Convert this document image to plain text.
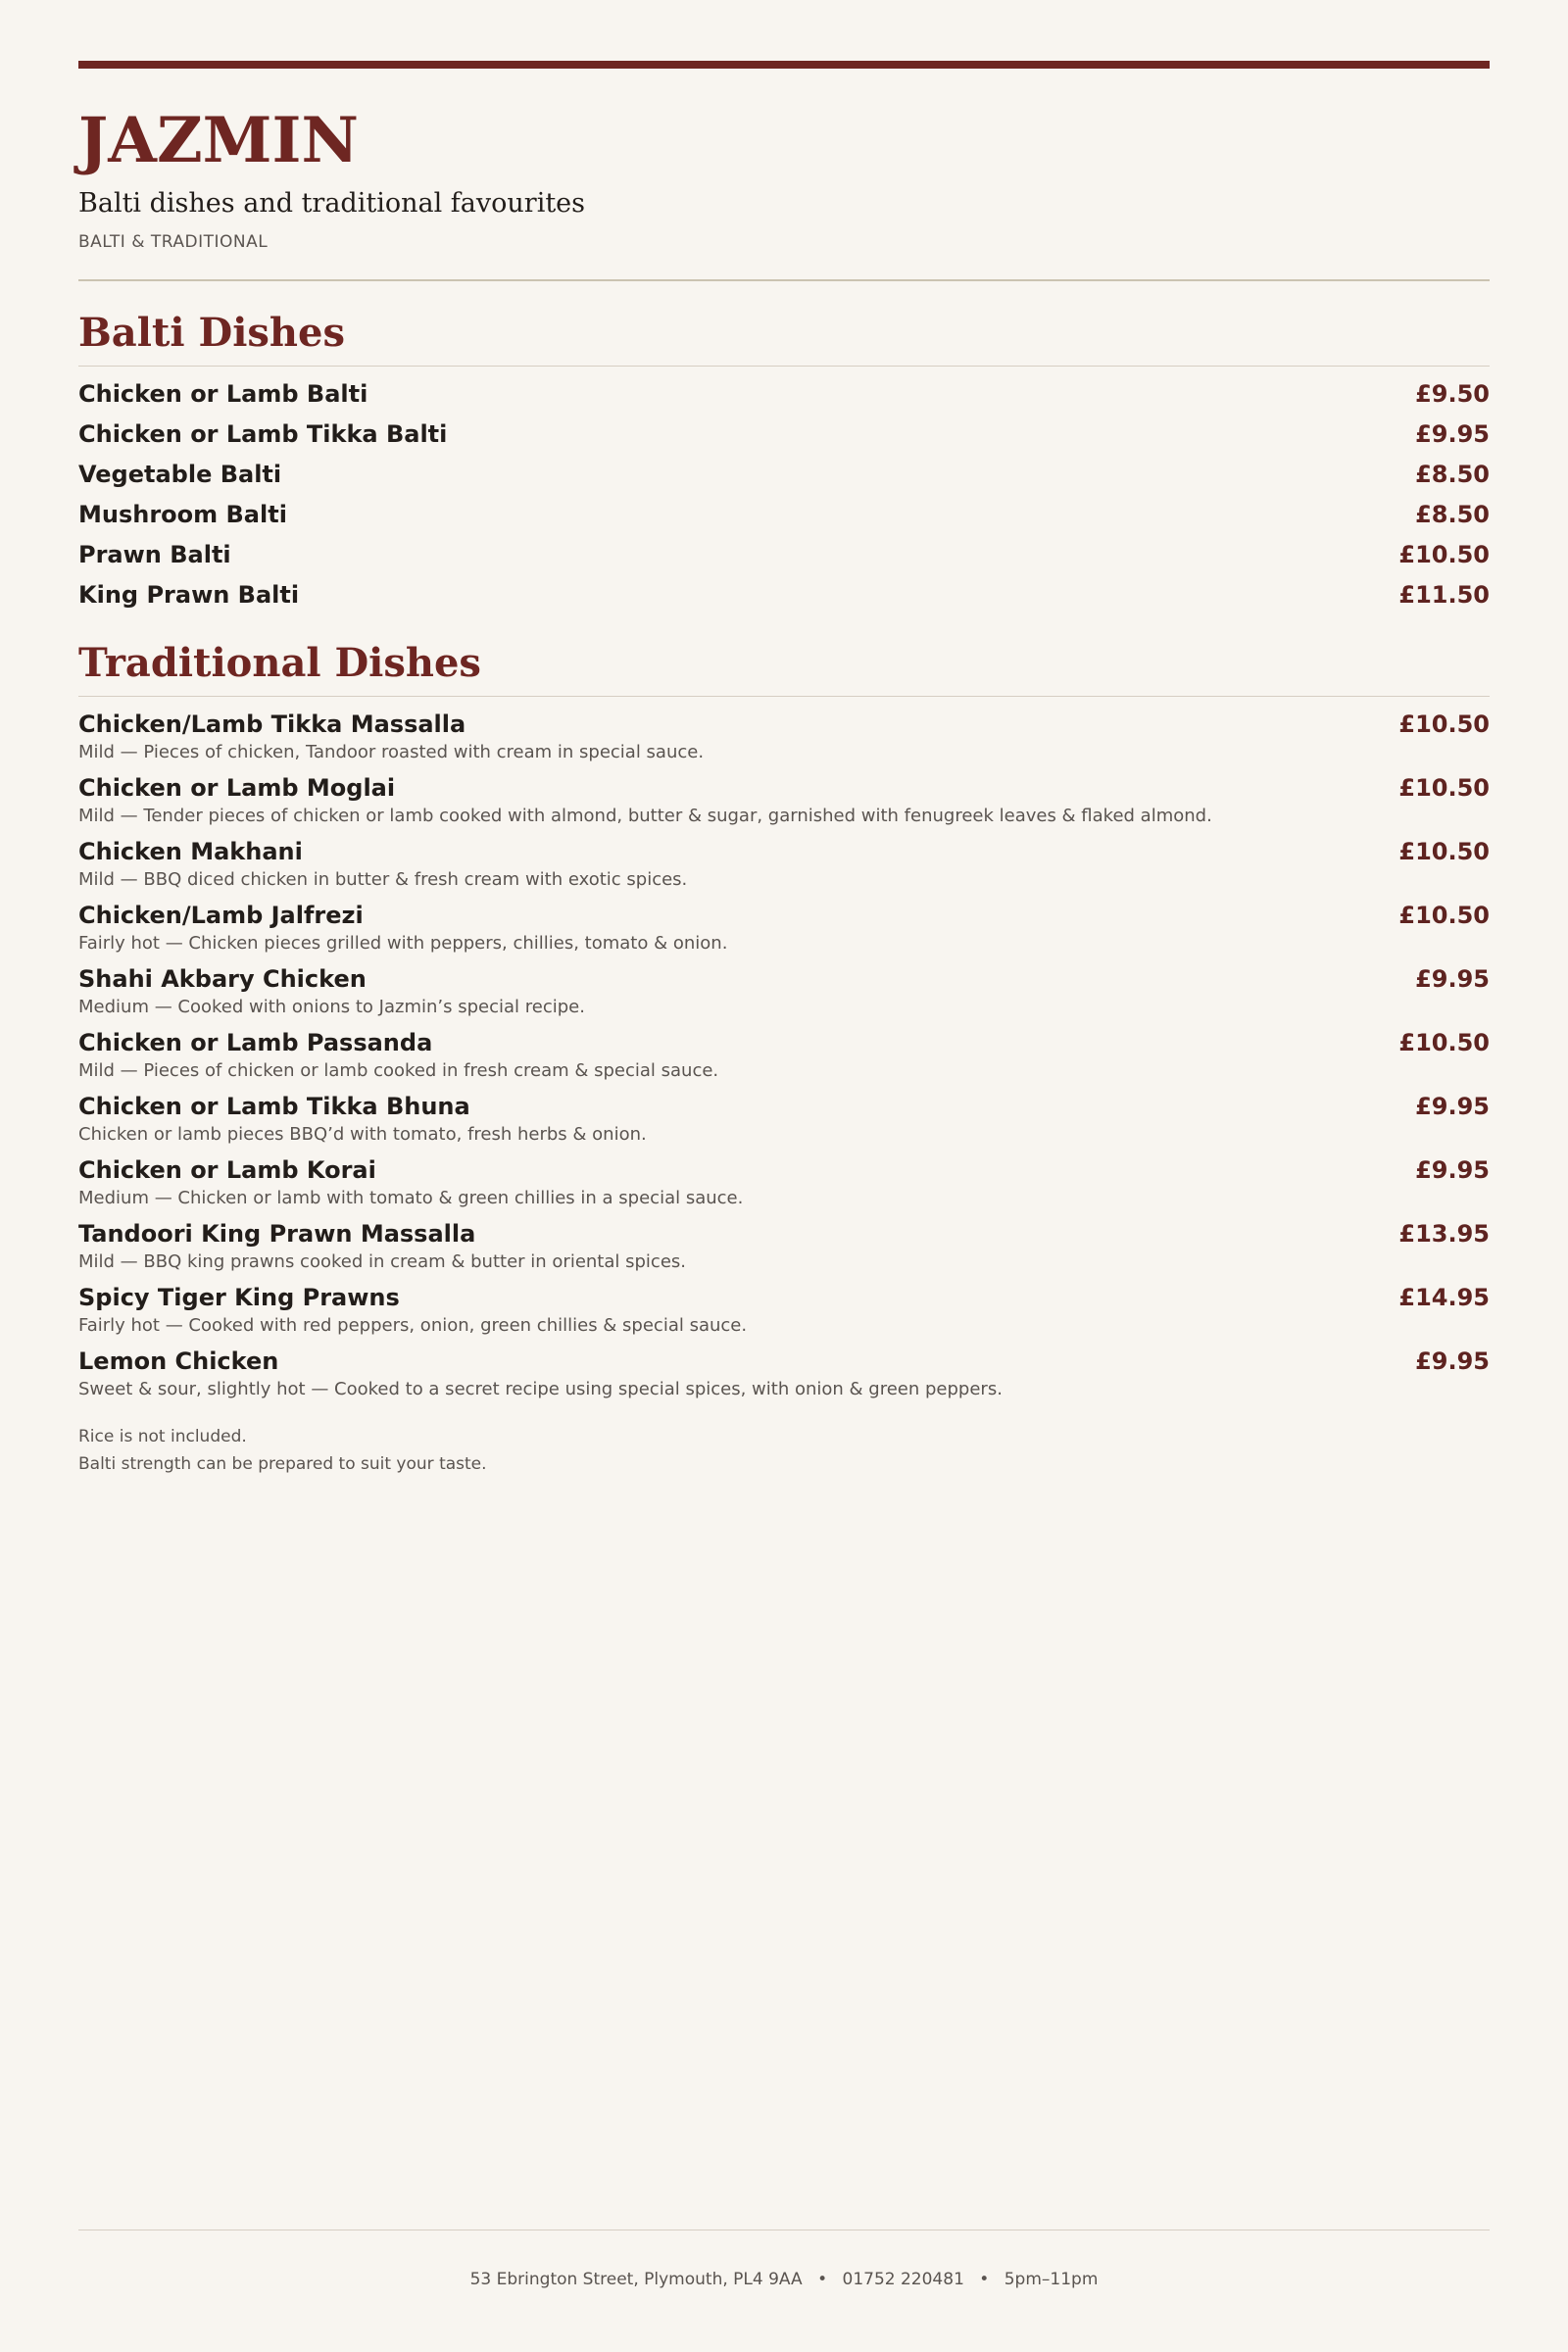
JAZMIN
Balti dishes and traditional favourites
BALTI & TRADITIONAL
Balti Dishes
Chicken or Lamb Balti	£9.50
Chicken or Lamb Tikka Balti	£9.95
Vegetable Balti	£8.50
Mushroom Balti	£8.50
Prawn Balti	£10.50
King Prawn Balti	£11.50
Traditional Dishes
Chicken/Lamb Tikka Massalla	£10.50
Mild — Pieces of chicken, Tandoor roasted with cream in special sauce.
Chicken or Lamb Moglai	£10.50
Mild — Tender pieces of chicken or lamb cooked with almond, butter & sugar, garnished with fenugreek leaves & flaked almond.
Chicken Makhani	£10.50
Mild — BBQ diced chicken in butter & fresh cream with exotic spices.
Chicken/Lamb Jalfrezi	£10.50
Fairly hot — Chicken pieces grilled with peppers, chillies, tomato & onion.
Shahi Akbary Chicken	£9.95
Medium — Cooked with onions to Jazmin’s special recipe.
Chicken or Lamb Passanda	£10.50
Mild — Pieces of chicken or lamb cooked in fresh cream & special sauce.
Chicken or Lamb Tikka Bhuna	£9.95
Chicken or lamb pieces BBQ’d with tomato, fresh herbs & onion.
Chicken or Lamb Korai	£9.95
Medium — Chicken or lamb with tomato & green chillies in a special sauce.
Tandoori King Prawn Massalla	£13.95
Mild — BBQ king prawns cooked in cream & butter in oriental spices.
Spicy Tiger King Prawns	£14.95
Fairly hot — Cooked with red peppers, onion, green chillies & special sauce.
Lemon Chicken	£9.95
Sweet & sour, slightly hot — Cooked to a secret recipe using special spices, with onion & green peppers.
Rice is not included.
Balti strength can be prepared to suit your taste.
53 Ebrington Street, Plymouth, PL4 9AA • 01752 220481 • 5pm–11pm
